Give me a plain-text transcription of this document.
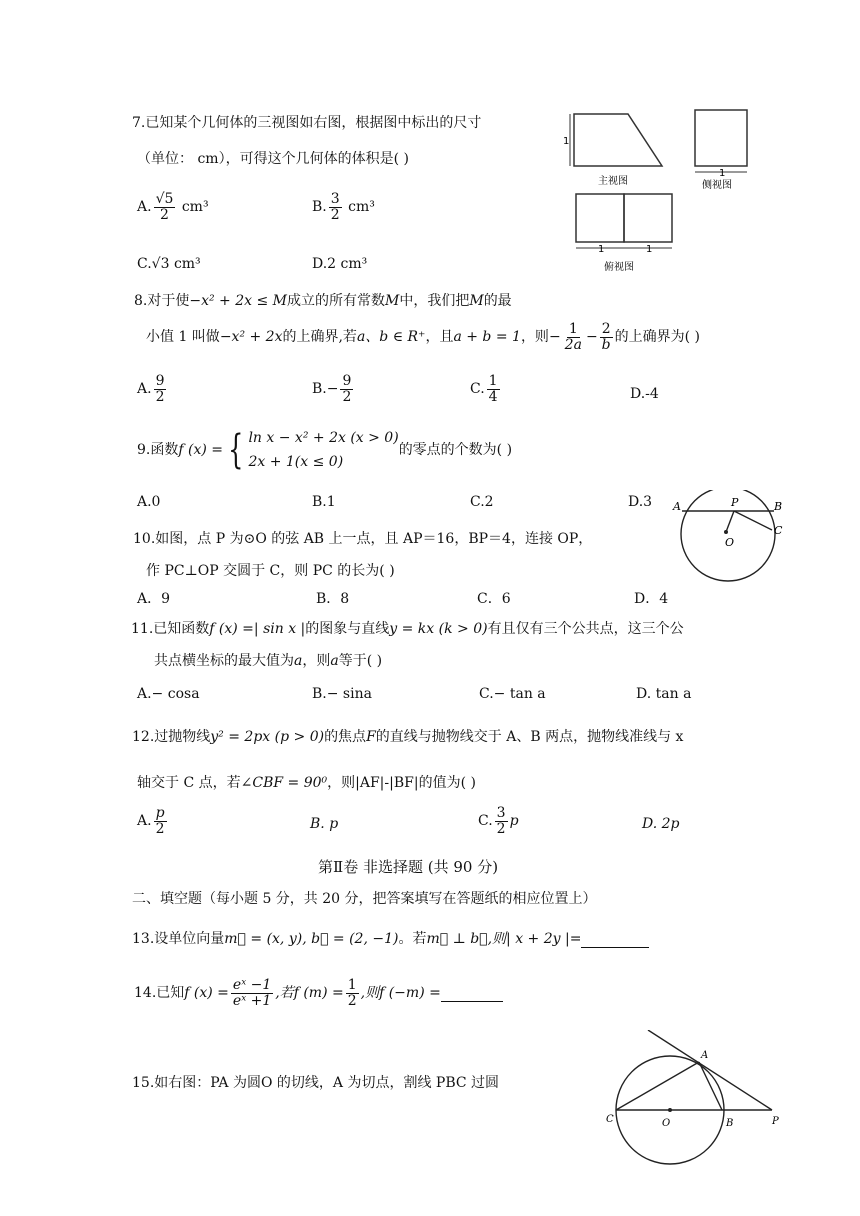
7.已知某个几何体的三视图如右图，根据图中标出的尺寸
（单位： cm），可得这个几何体的体积是( )
A. $\frac{√5}{2} cm^3$	B. $\frac{3}{2} cm^3$
C.√3 cm³	D.2 cm³
1
主视图
1
侧视图
1	1
俯视图
8.对于使−x² + 2x ≤ M成立的所有常数M中，我们把M的最
小值 1 叫做−x² + 2x的上确界,若a、b ∈ R⁺，且a + b = 1，则− $\frac{1}{2a} - \frac{2}{b}$ 的上确界为( )
A. $\frac{9}{2}$	$B.- \frac{9}{2}$	C. $\frac{1}{4}$	D.-4
9.函数f (x) = { ln x − x² + 2x (x > 0)
2x + 1(x ≤ 0)
的零点的个数为( )
A.0	B.1	C.2	D.3
10.如图，点 P 为⊙O 的弦 AB 上一点，且 AP＝16，BP＝4，连接 OP，
作 PC⊥OP 交圆于 C，则 PC 的长为( )
A．9	B．8	C．6	D．4
A	P	B
C
O
11.已知函数f (x) =| sin x |的图象与直线y = kx (k > 0)有且仅有三个公共点，这三个公
共点横坐标的最大值为a，则a等于( )
A.− cosa	B.− sina	C.− tan a	D. tan a
12.过抛物线y² = 2px (p > 0)的焦点F的直线与抛物线交于 A、B 两点，抛物线准线与 x
轴交于 C 点，若∠CBF = 90⁰，则|AF|-|BF|的值为( )
A. $\frac{p}{2}$	B. p	C. $\frac{3}{2}$ p	D. 2p
第Ⅱ卷 非选择题 (共 90 分)
二、填空题（每小题 5 分，共 20 分，把答案填写在答题纸的相应位置上）
13.设单位向量m⃗ = (x, y), b⃗ = (2, −1)。若m⃗ ⊥ b⃗,则| x + 2y |=
14.已知f $(x) = \frac{\text{eˣ −1}}{\text{eˣ +1}}$ ,若f $(m) = \frac{1}{2}$ ,则f (−m) =
15.如右图：PA 为圆O 的切线，A 为切点，割线 PBC 过圆
A
C	O	B	P
